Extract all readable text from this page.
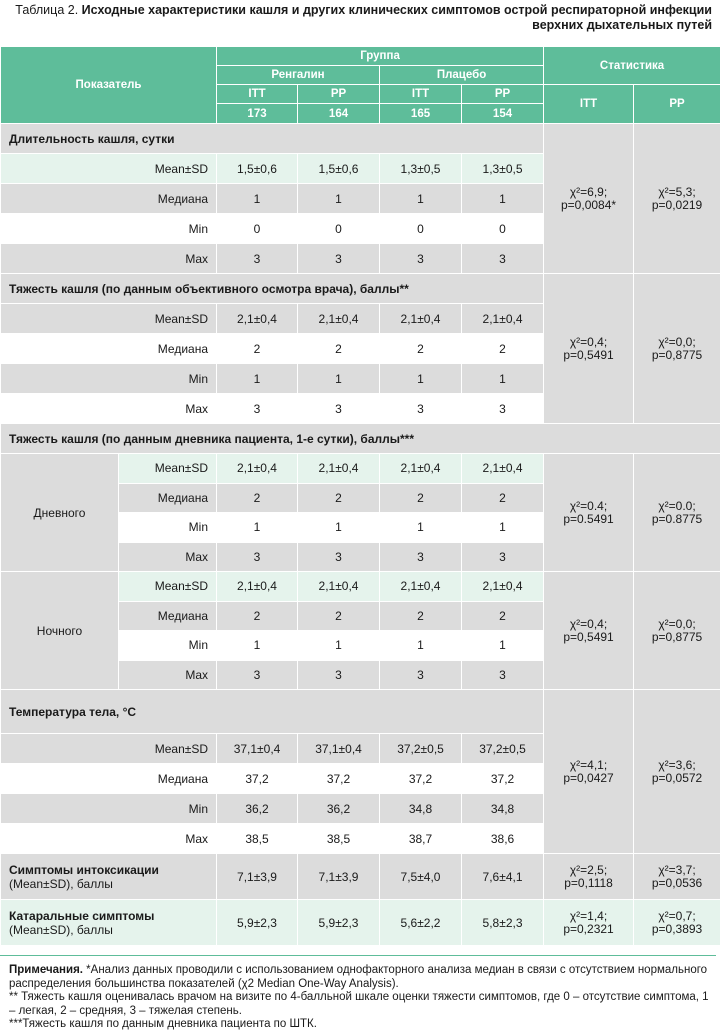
Таблица 2. Исходные характеристики кашля и других клинических симптомов острой респираторной инфекции верхних дыхательных путей
Показатель		Группа				Статистика	
		Ренгалин		Плацебо			
		ITT	PP	ITT	PP	ITT	PP
		173	164	165	154		
Длительность кашля, сутки						χ²=6,9;
p=0,0084*	χ²=5,3;
p=0,0219
Mean±SD		1,5±0,6	1,5±0,6	1,3±0,5	1,3±0,5		
Медиана		1	1	1	1		
Min		0	0	0	0		
Max		3	3	3	3		
Тяжесть кашля (по данным объективного осмотра врача), баллы**						χ²=0,4;
p=0,5491	χ²=0,0;
p=0,8775
Mean±SD		2,1±0,4	2,1±0,4	2,1±0,4	2,1±0,4		
Медиана		2	2	2	2		
Min		1	1	1	1		
Max		3	3	3	3		
Тяжесть кашля (по данным дневника пациента, 1-е сутки), баллы***							
Дневного	Mean±SD	2,1±0,4	2,1±0,4	2,1±0,4	2,1±0,4	χ²=0.4;
p=0.5491	χ²=0.0;
p=0.8775
	Медиана	2	2	2	2		
	Min	1	1	1	1		
	Max	3	3	3	3		
Ночного	Mean±SD	2,1±0,4	2,1±0,4	2,1±0,4	2,1±0,4	χ²=0,4;
p=0,5491	χ²=0,0;
p=0,8775
	Медиана	2	2	2	2		
	Min	1	1	1	1		
	Max	3	3	3	3		
Температура тела, °С						χ²=4,1;
p=0,0427	χ²=3,6;
p=0,0572
Mean±SD		37,1±0,4	37,1±0,4	37,2±0,5	37,2±0,5		
Медиана		37,2	37,2	37,2	37,2		
Min		36,2	36,2	34,8	34,8		
Max		38,5	38,5	38,7	38,6		
Симптомы интоксикации
(Mean±SD), баллы		7,1±3,9	7,1±3,9	7,5±4,0	7,6±4,1	χ²=2,5;
p=0,1118	χ²=3,7;
p=0,0536
Катаральные симптомы
(Mean±SD), баллы		5,9±2,3	5,9±2,3	5,6±2,2	5,8±2,3	χ²=1,4;
p=0,2321	χ²=0,7;
p=0,3893

Примечания. *Анализ данных проводили с использованием однофакторного анализа медиан в связи с отсутствием нормального распределения большинства показателей (χ2 Median One-Way Analysis).

** Тяжесть кашля оценивалась врачом на визите по 4-балльной шкале оценки тяжести симптомов, где 0 – отсутствие симптома, 1 – легкая, 2 – средняя, 3 – тяжелая степень.

***Тяжесть кашля по данным дневника пациента по ШТК.
